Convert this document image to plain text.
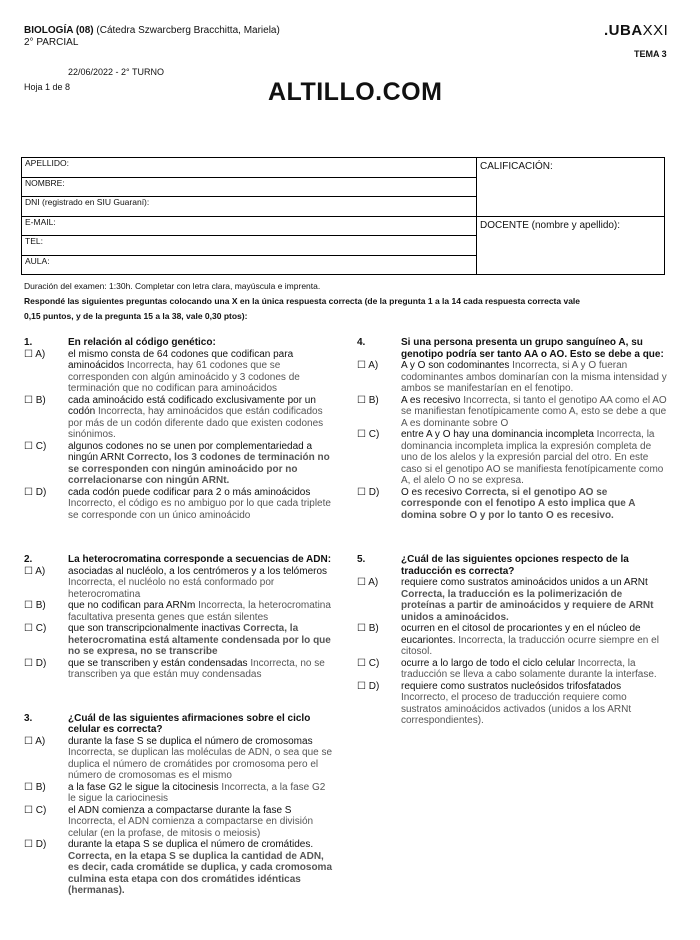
BIOLOGÍA (08) (Cátedra Szwarcberg Bracchitta, Mariela)
2° PARCIAL
22/06/2022 - 2° TURNO
Hoja 1 de 8
.UBAXXI
TEMA 3
ALTILLO.COM
APELLIDO:	CALIFICACIÓN:
NOMBRE:	
DNI (registrado en SIU Guaraní):	
E-MAIL:	DOCENTE (nombre y apellido):
TEL:	
AULA:	
Duración del examen: 1:30h. Completar con letra clara, mayúscula e imprenta.
Respondé las siguientes preguntas colocando una X en la única respuesta correcta (de la pregunta 1 a la 14 cada respuesta correcta vale
0,15 puntos, y de la pregunta 15 a la 38, vale 0,30 ptos):
1.	En relación al código genético:
☐ A) el mismo consta de 64 codones que codifican para aminoácidos Incorrecta, hay 61 codones que se corresponden con algún aminoácido y 3 codones de terminación que no codifican para aminoácidos
☐ B) cada aminoácido está codificado exclusivamente por un codón Incorrecta, hay aminoácidos que están codificados por más de un codón diferente dado que existen codones sinónimos.
☐ C) algunos codones no se unen por complementariedad a ningún ARNt Correcto, los 3 codones de terminación no se corresponden con ningún aminoácido por no correlacionarse con ningún ARNt.
☐ D) cada codón puede codificar para 2 o más aminoácidos Incorrecto, el código es no ambiguo por lo que cada triplete se corresponde con un único aminoácido
2.	La heterocromatina corresponde a secuencias de ADN:
☐ A) asociadas al nucléolo, a los centrómeros y a los telómeros Incorrecta, el nucléolo no está conformado por heterocromatina
☐ B) que no codifican para ARNm Incorrecta, la heterocromatina facultativa presenta genes que están silentes
☐ C) que son transcripcionalmente inactivas Correcta, la heterocromatina está altamente condensada por lo que no se expresa, no se transcribe
☐ D) que se transcriben y están condensadas Incorrecta, no se transcriben ya que están muy condensadas
3.	¿Cuál de las siguientes afirmaciones sobre el ciclo celular es correcta?
☐ A) durante la fase S se duplica el número de cromosomas Incorrecta, se duplican las moléculas de ADN, o sea que se duplica el número de cromátides por cromosoma pero el número de cromosomas es el mismo
☐ B) a la fase G2 le sigue la citocinesis Incorrecta, a la fase G2 le sigue la cariocinesis
☐ C) el ADN comienza a compactarse durante la fase S Incorrecta, el ADN comienza a compactarse en división celular (en la profase, de mitosis o meiosis)
☐ D) durante la etapa S se duplica el número de cromátides. Correcta, en la etapa S se duplica la cantidad de ADN, es decir, cada cromátide se duplica, y cada cromosoma culmina esta etapa con dos cromátides idénticas (hermanas).
4.	Si una persona presenta un grupo sanguíneo A, su genotipo podría ser tanto AA o AO. Esto se debe a que:
☐ A) A y O son codominantes Incorrecta, si A y O fueran codominantes ambos dominarían con la misma intensidad y ambos se manifestarían en el fenotipo.
☐ B) A es recesivo Incorrecta, si tanto el genotipo AA como el AO se manifiestan fenotípicamente como A, esto se debe a que A es dominante sobre O
☐ C) entre A y O hay una dominancia incompleta Incorrecta, la dominancia incompleta implica la expresión completa de uno de los alelos y la expresión parcial del otro. En este caso si el genotipo AO se manifiesta fenotípicamente como A, el alelo O no se expresa.
☐ D) O es recesivo Correcta, si el genotipo AO se corresponde con el fenotipo A esto implica que A domina sobre O y por lo tanto O es recesivo.
5.	¿Cuál de las siguientes opciones respecto de la traducción es correcta?
☐ A) requiere como sustratos aminoácidos unidos a un ARNt Correcta, la traducción es la polimerización de proteínas a partir de aminoácidos y requiere de ARNt unidos a aminoácidos.
☐ B) ocurren en el citosol de procariontes y en el núcleo de eucariontes. Incorrecta, la traducción ocurre siempre en el citosol.
☐ C) ocurre a lo largo de todo el ciclo celular Incorrecta, la traducción se lleva a cabo solamente durante la interfase.
☐ D) requiere como sustratos nucleósidos trifosfatados Incorrecto, el proceso de traducción requiere como sustratos aminoácidos activados (unidos a los ARNt correspondientes).
